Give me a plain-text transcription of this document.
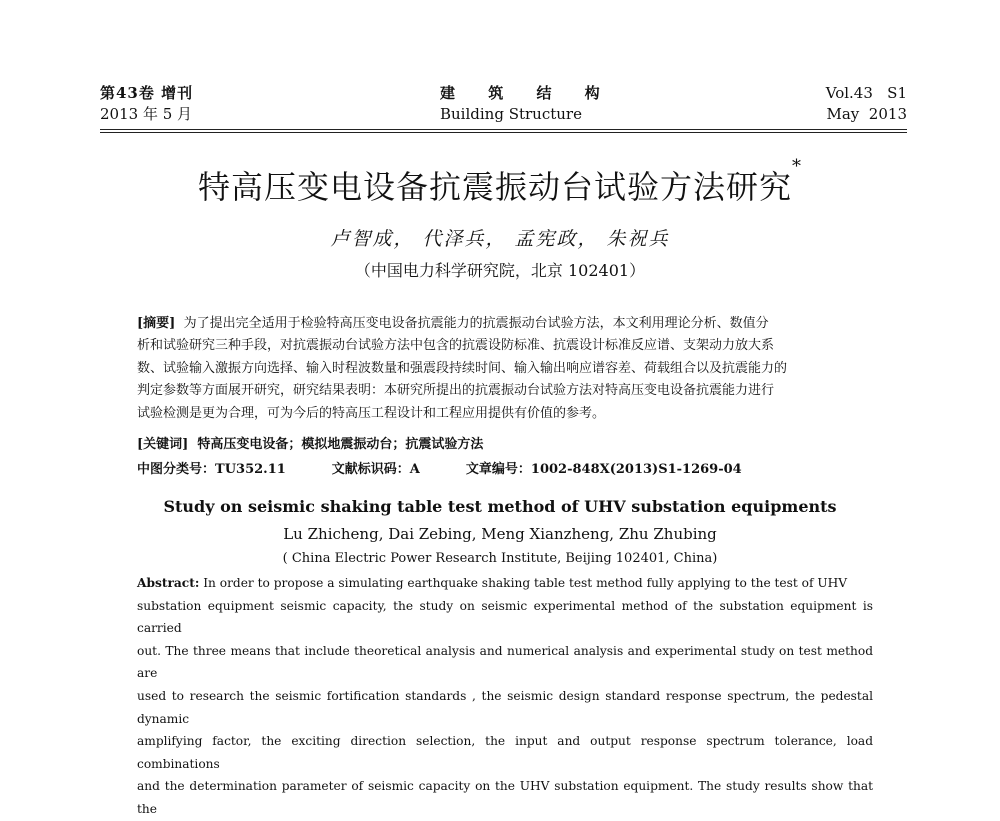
第43卷 增刊
2013 年 5 月
建 筑 结 构
Building Structure
Vol.43   S1
May  2013
特高压变电设备抗震振动台试验方法研究*
卢智成， 代泽兵， 孟宪政， 朱祝兵
（中国电力科学研究院，北京 102401）
[摘要] 为了提出完全适用于检验特高压变电设备抗震能力的抗震振动台试验方法，本文利用理论分析、数值分
析和试验研究三种手段，对抗震振动台试验方法中包含的抗震设防标准、抗震设计标准反应谱、支架动力放大系
数、试验输入激振方向选择、输入时程波数量和强震段持续时间、输入输出响应谱容差、荷载组合以及抗震能力的
判定参数等方面展开研究，研究结果表明：本研究所提出的抗震振动台试验方法对特高压变电设备抗震能力进行
试验检测是更为合理，可为今后的特高压工程设计和工程应用提供有价值的参考。
[关键词] 特高压变电设备；模拟地震振动台；抗震试验方法
中图分类号：TU352.11	文献标识码：A	文章编号：1002-848X(2013)S1-1269-04
Study on seismic shaking table test method of UHV substation equipments
Lu Zhicheng, Dai Zebing, Meng Xianzheng, Zhu Zhubing
( China Electric Power Research Institute, Beijing 102401, China)
Abstract: In order to propose a simulating earthquake shaking table test method fully applying to the test of UHV
substation equipment seismic capacity, the study on seismic experimental method of the substation equipment is carried
out. The three means that include theoretical analysis and numerical analysis and experimental study on test method are
used to research the seismic fortification standards , the seismic design standard response spectrum, the pedestal dynamic
amplifying factor, the exciting direction selection, the input and output response spectrum tolerance, load combinations
and the determination parameter of seismic capacity on the UHV substation equipment. The study results show that the
